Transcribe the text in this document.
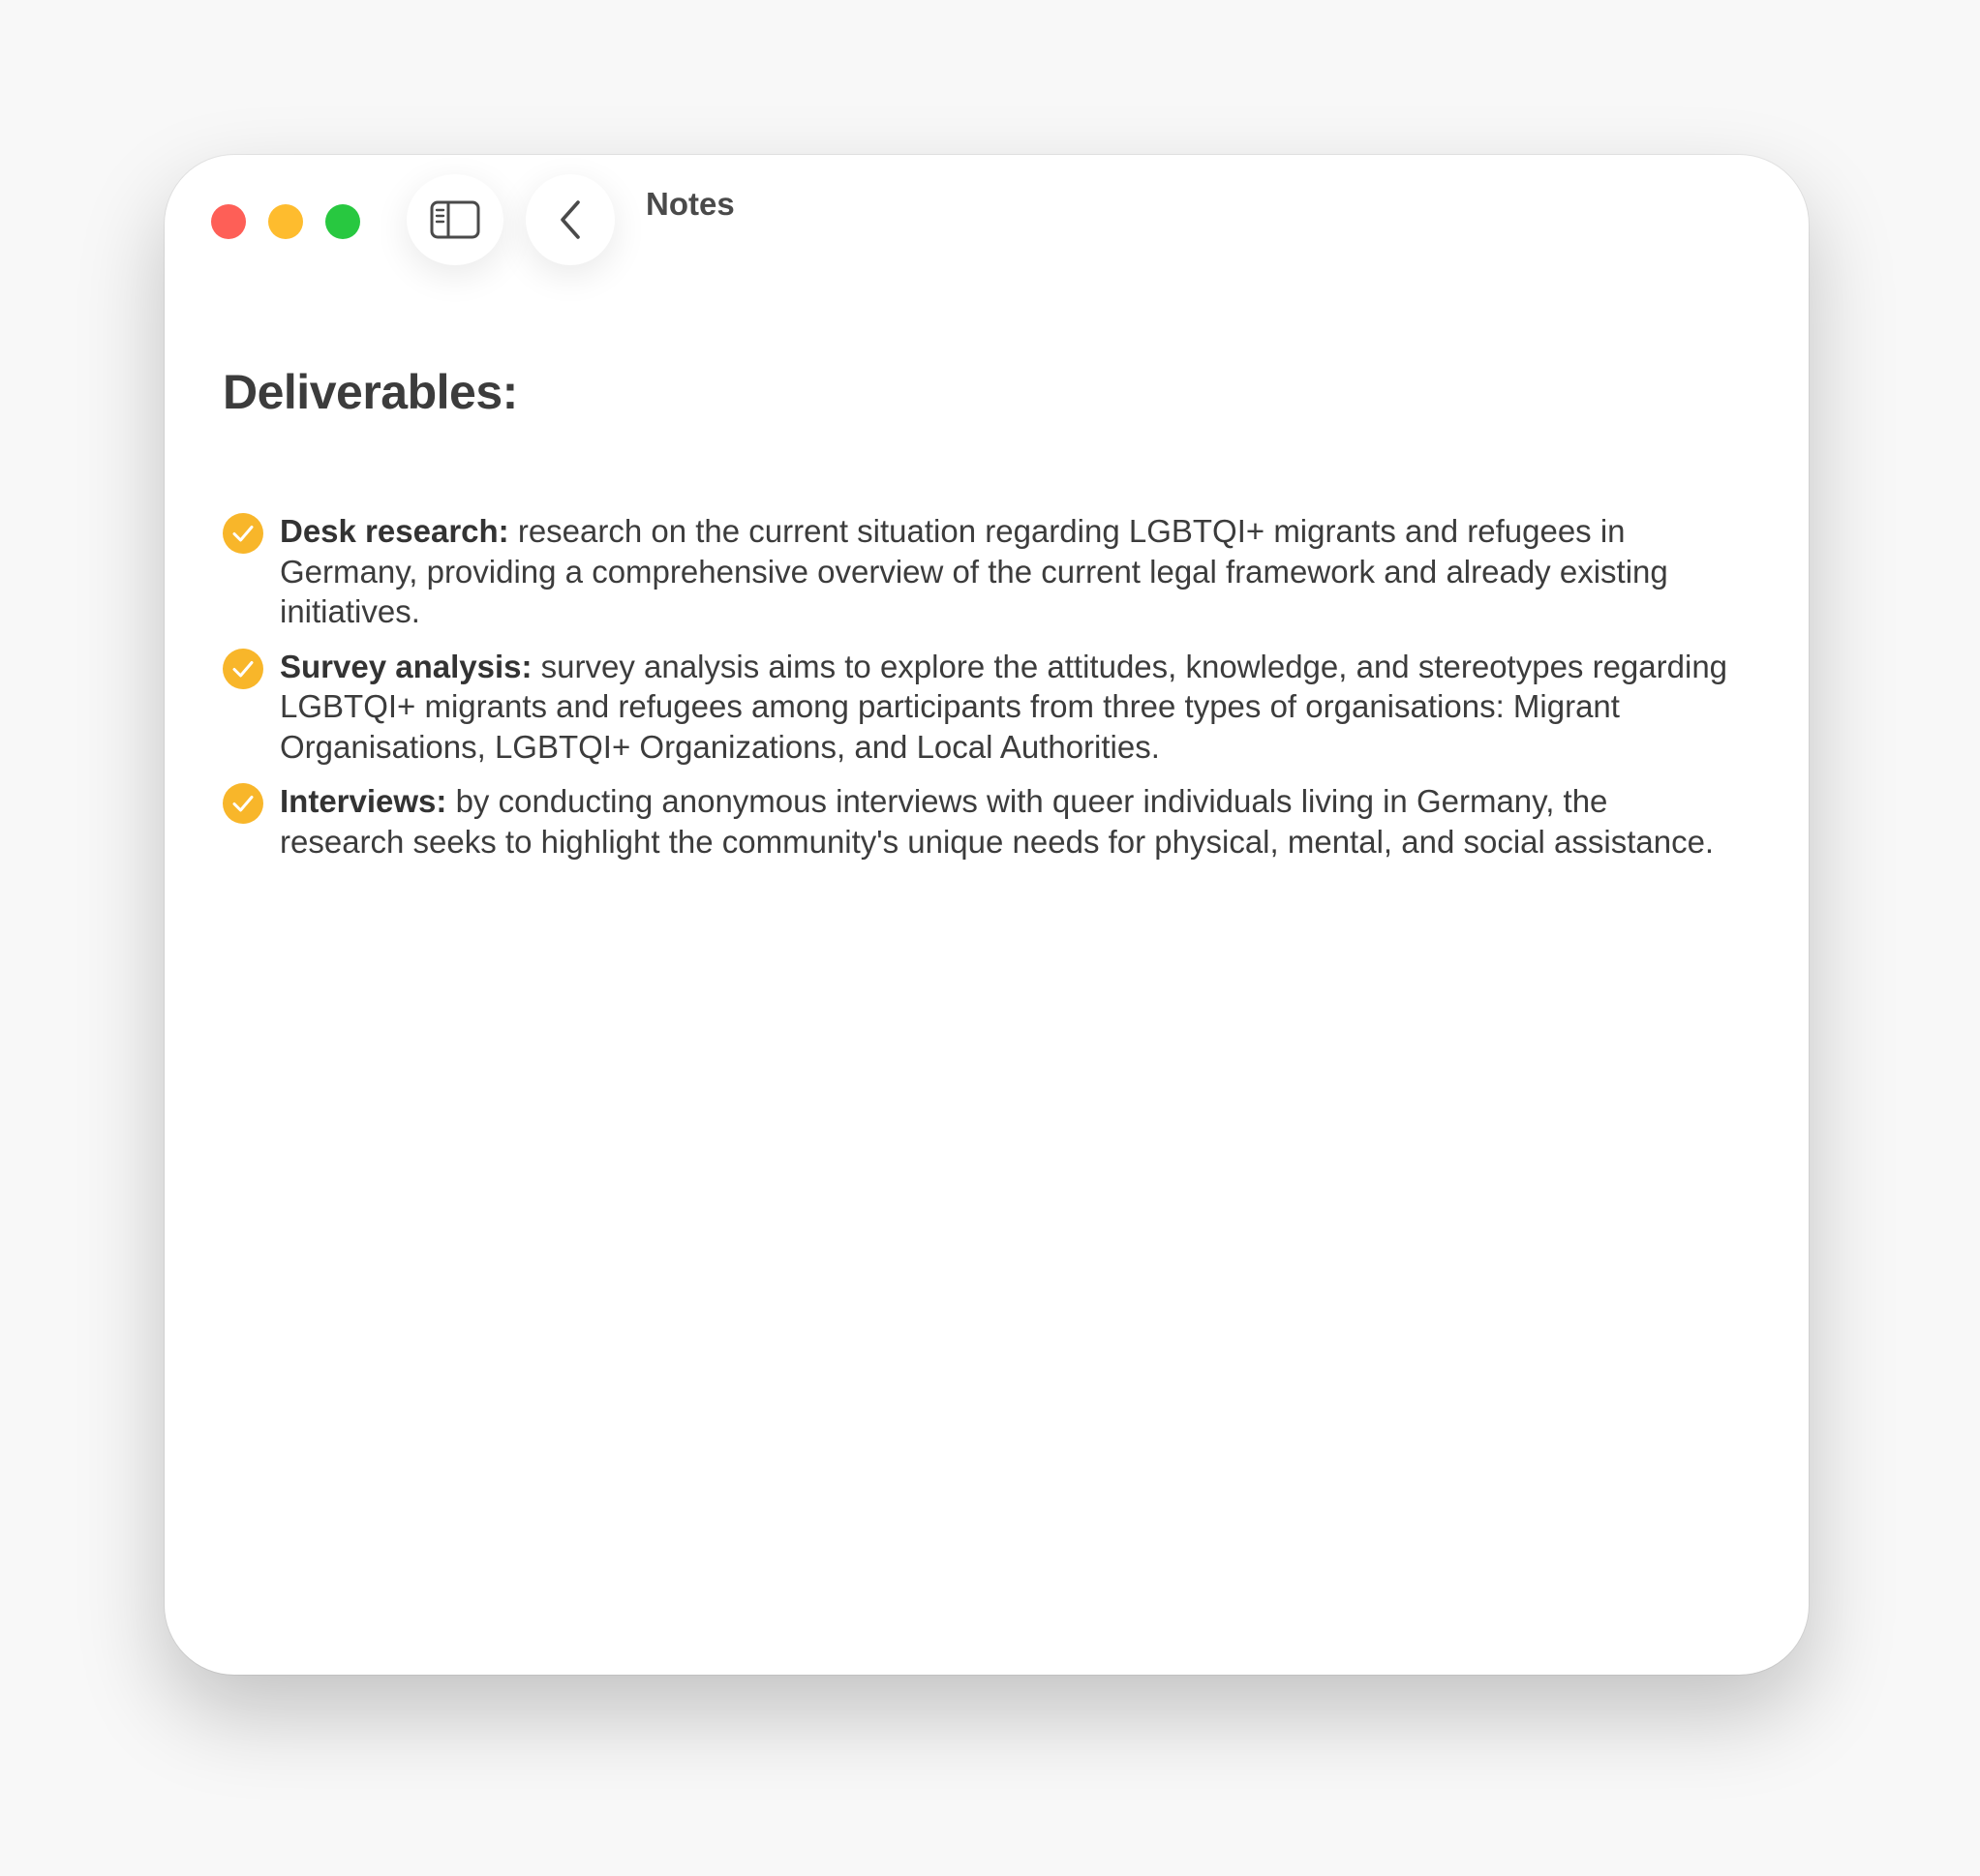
Notes
Deliverables:
Desk research: research on the current situation regarding LGBTQI+ migrants and refugees in Germany, providing a comprehensive overview of the current legal framework and already existing initiatives.
Survey analysis: survey analysis aims to explore the attitudes, knowledge, and stereotypes regarding LGBTQI+ migrants and refugees among participants from three types of organisations: Migrant Organisations, LGBTQI+ Organizations, and Local Authorities.
Interviews: by conducting anonymous interviews with queer individuals living in Germany, the research seeks to highlight the community's unique needs for physical, mental, and social assistance.
